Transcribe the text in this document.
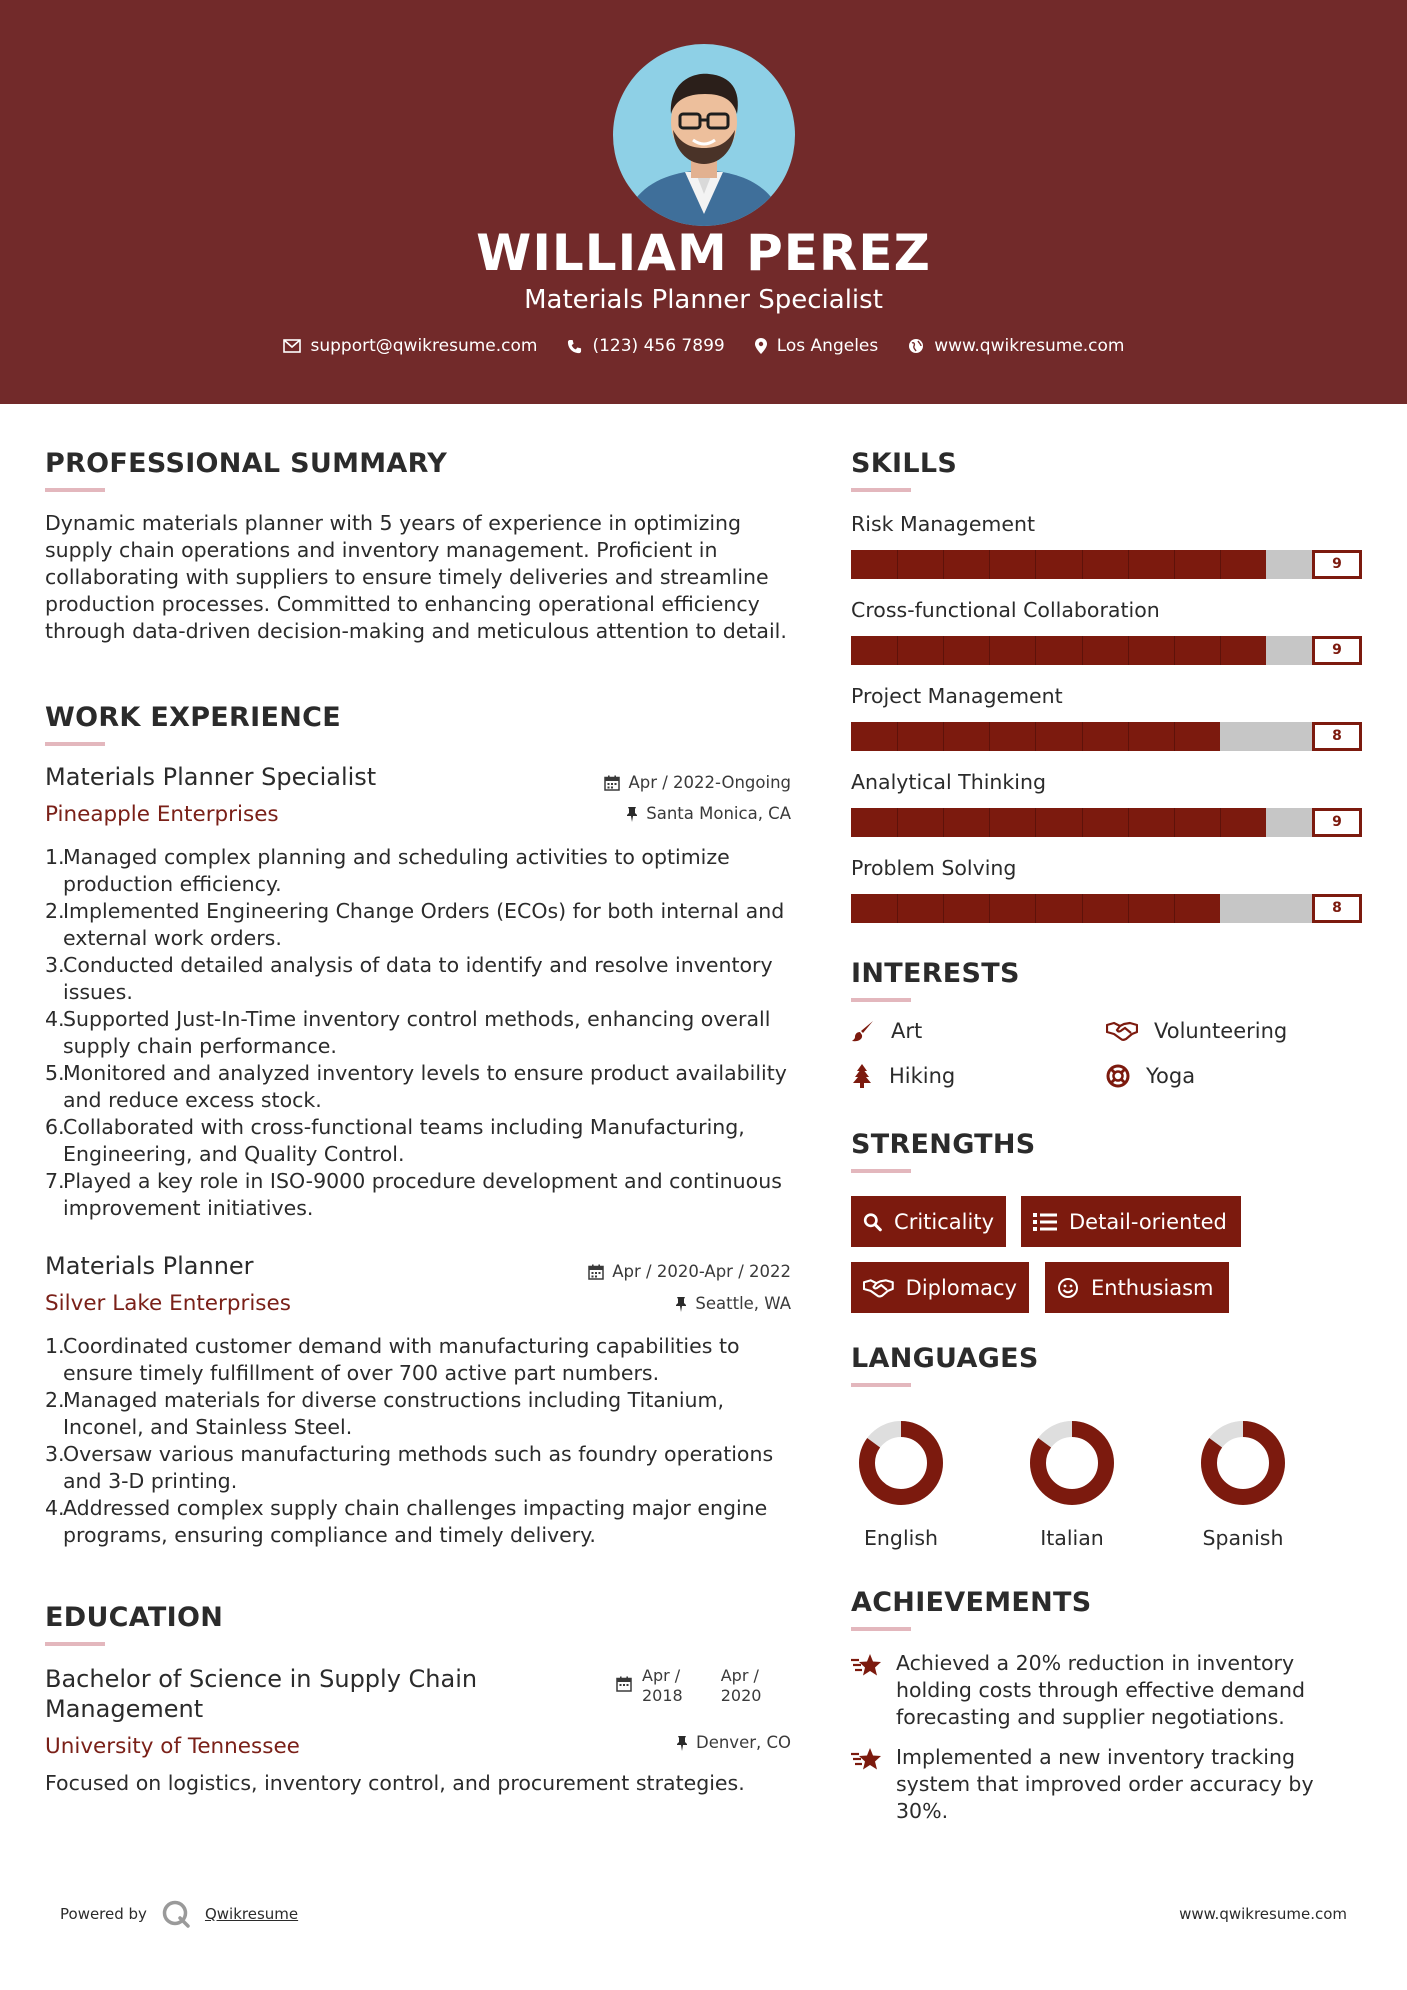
WILLIAM PEREZ
Materials Planner Specialist
support@qwikresume.com	(123) 456 7899	Los Angeles	www.qwikresume.com
PROFESSIONAL SUMMARY
Dynamic materials planner with 5 years of experience in optimizing supply chain operations and inventory management. Proficient in collaborating with suppliers to ensure timely deliveries and streamline production processes. Committed to enhancing operational efficiency through data-driven decision-making and meticulous attention to detail.
WORK EXPERIENCE
Materials Planner Specialist
Pineapple Enterprises
Apr / 2022-Ongoing
Santa Monica, CA
1.
Managed complex planning and scheduling activities to optimize production efficiency.
2.
Implemented Engineering Change Orders (ECOs) for both internal and external work orders.
3.
Conducted detailed analysis of data to identify and resolve inventory issues.
4.
Supported Just-In-Time inventory control methods, enhancing overall supply chain performance.
5.
Monitored and analyzed inventory levels to ensure product availability and reduce excess stock.
6.
Collaborated with cross-functional teams including Manufacturing, Engineering, and Quality Control.
7.
Played a key role in ISO-9000 procedure development and continuous improvement initiatives.
Materials Planner
Silver Lake Enterprises
Apr / 2020-Apr / 2022
Seattle, WA
1.
Coordinated customer demand with manufacturing capabilities to ensure timely fulfillment of over 700 active part numbers.
2.
Managed materials for diverse constructions including Titanium, Inconel, and Stainless Steel.
3.
Oversaw various manufacturing methods such as foundry operations and 3-D printing.
4.
Addressed complex supply chain challenges impacting major engine programs, ensuring compliance and timely delivery.
EDUCATION
Bachelor of Science in Supply Chain
Management
University of Tennessee
Apr /
2018
Apr /
2020
Denver, CO
Focused on logistics, inventory control, and procurement strategies.
SKILLS
Risk Management
9
Cross-functional Collaboration
9
Project Management
8
Analytical Thinking
9
Problem Solving
8
INTERESTS
Art	Volunteering
Hiking	Yoga
STRENGTHS
Criticality	Detail-oriented
Diplomacy	Enthusiasm
LANGUAGES
English	Italian	Spanish
ACHIEVEMENTS
Achieved a 20% reduction in inventory holding costs through effective demand forecasting and supplier negotiations.
Implemented a new inventory tracking system that improved order accuracy by 30%.
Powered by	Qwikresume	www.qwikresume.com
